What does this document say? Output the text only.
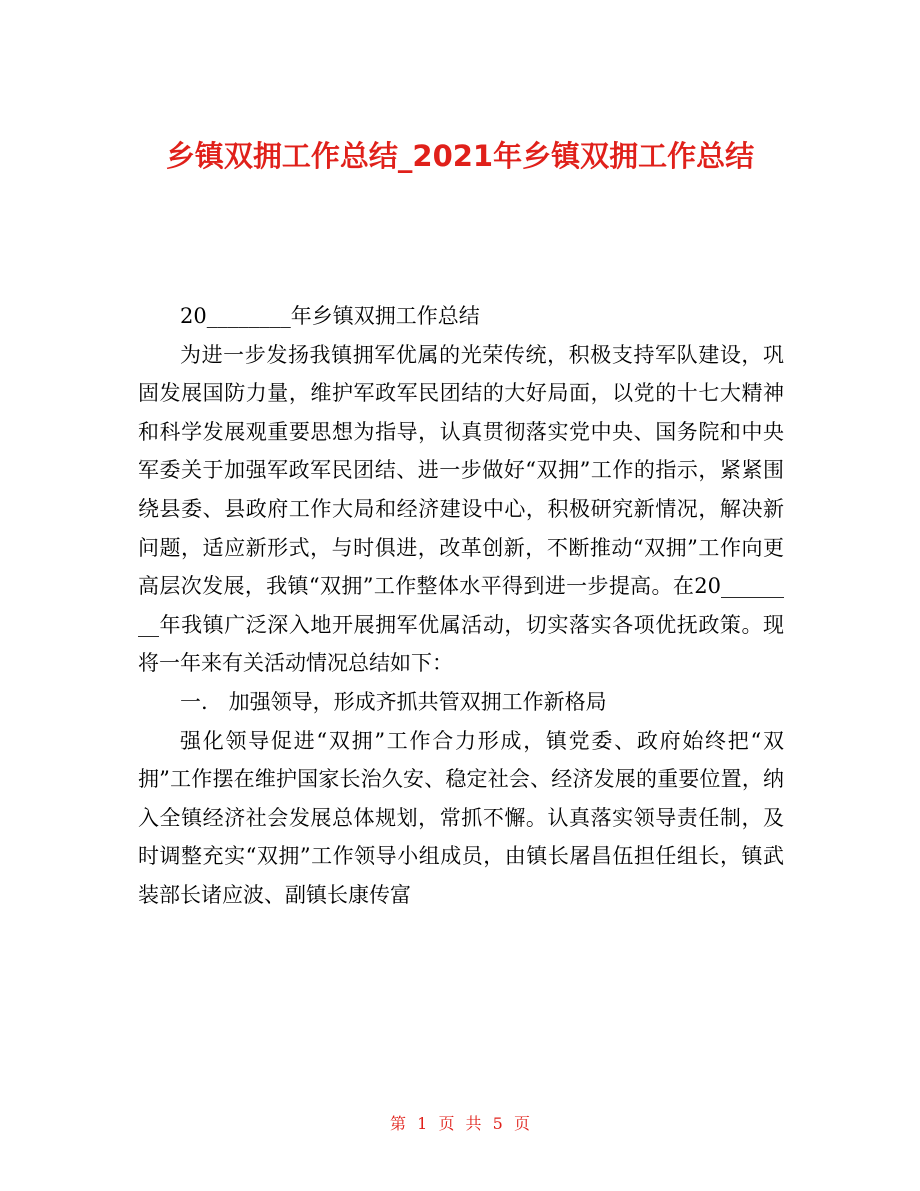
乡镇双拥工作总结_2021年乡镇双拥工作总结

20________年乡镇双拥工作总结

为进一步发扬我镇拥军优属的光荣传统，积极支持军队建设，巩固发展国防力量，维护军政军民团结的大好局面，以党的十七大精神和科学发展观重要思想为指导，认真贯彻落实党中央、国务院和中央军委关于加强军政军民团结、进一步做好“双拥”工作的指示，紧紧围绕县委、县政府工作大局和经济建设中心，积极研究新情况，解决新问题，适应新形式，与时俱进，改革创新，不断推动“双拥”工作向更高层次发展，我镇“双拥”工作整体水平得到进一步提高。在20________年我镇广泛深入地开展拥军优属活动，切实落实各项优抚政策。现将一年来有关活动情况总结如下：

一.　加强领导，形成齐抓共管双拥工作新格局

强化领导促进“双拥”工作合力形成，镇党委、政府始终把“双拥”工作摆在维护国家长治久安、稳定社会、经济发展的重要位置，纳入全镇经济社会发展总体规划，常抓不懈。认真落实领导责任制，及时调整充实“双拥”工作领导小组成员，由镇长屠昌伍担任组长，镇武装部长诸应波、副镇长康传富

第 1 页 共 5 页
